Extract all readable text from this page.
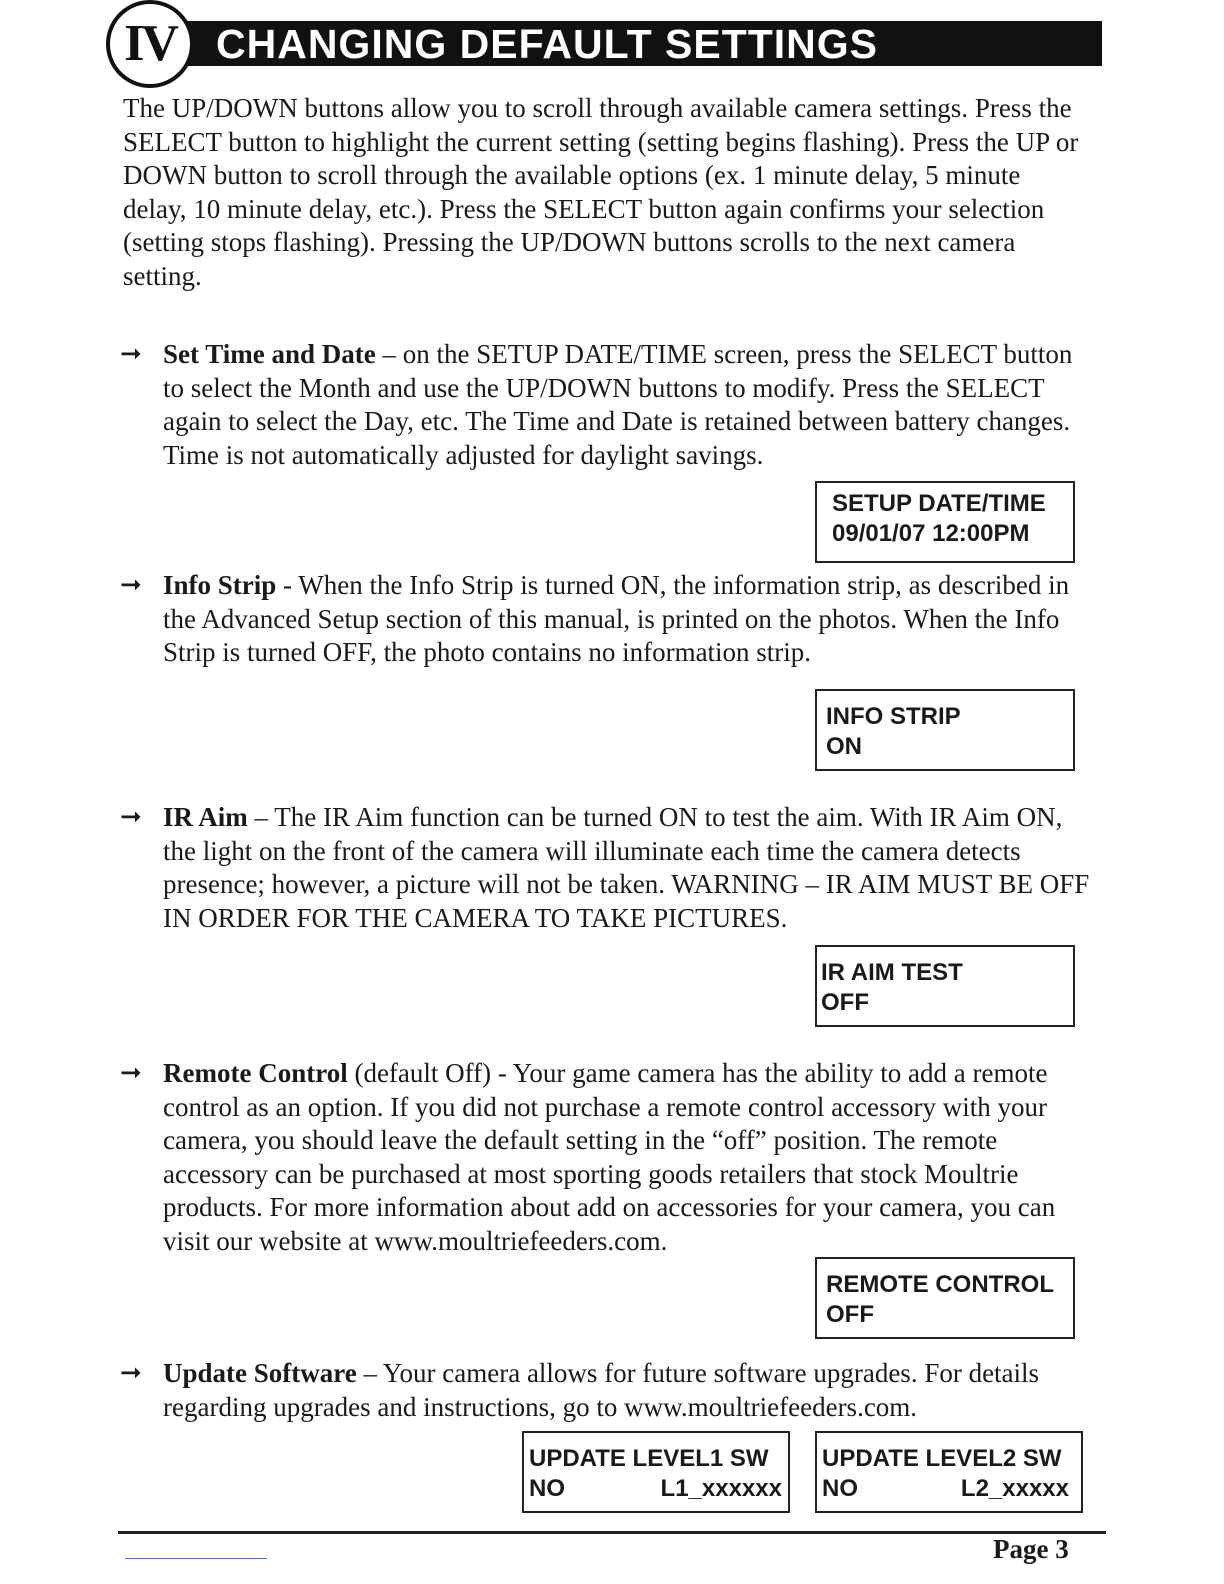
CHANGING DEFAULT SETTINGS
IV

The UP/DOWN buttons allow you to scroll through available camera settings. Press the SELECT button to highlight the current setting (setting begins flashing). Press the UP or DOWN button to scroll through the available options (ex. 1 minute delay, 5 minute delay, 10 minute delay, etc.). Press the SELECT button again confirms your selection (setting stops flashing). Pressing the UP/DOWN buttons scrolls to the next camera setting.

➞ Set Time and Date – on the SETUP DATE/TIME screen, press the SELECT button to select the Month and use the UP/DOWN buttons to modify. Press the SELECT again to select the Day, etc. The Time and Date is retained between battery changes. Time is not automatically adjusted for daylight savings.
SETUP DATE/TIME
09/01/07 12:00PM
➞ Info Strip - When the Info Strip is turned ON, the information strip, as described in the Advanced Setup section of this manual, is printed on the photos. When the Info Strip is turned OFF, the photo contains no information strip.
INFO STRIP
ON
➞ IR Aim – The IR Aim function can be turned ON to test the aim. With IR Aim ON, the light on the front of the camera will illuminate each time the camera detects presence; however, a picture will not be taken. WARNING – IR AIM MUST BE OFF IN ORDER FOR THE CAMERA TO TAKE PICTURES.
IR AIM TEST
OFF
➞ Remote Control (default Off) - Your game camera has the ability to add a remote control as an option. If you did not purchase a remote control accessory with your camera, you should leave the default setting in the “off” position. The remote accessory can be purchased at most sporting goods retailers that stock Moultrie products. For more information about add on accessories for your camera, you can visit our website at www.moultriefeeders.com.
REMOTE CONTROL
OFF
➞ Update Software – Your camera allows for future software upgrades. For details regarding upgrades and instructions, go to www.moultriefeeders.com.
UPDATE LEVEL1 SW
NO	L1_xxxxxx
UPDATE LEVEL2 SW
NO	L2_xxxxx
Page 3
